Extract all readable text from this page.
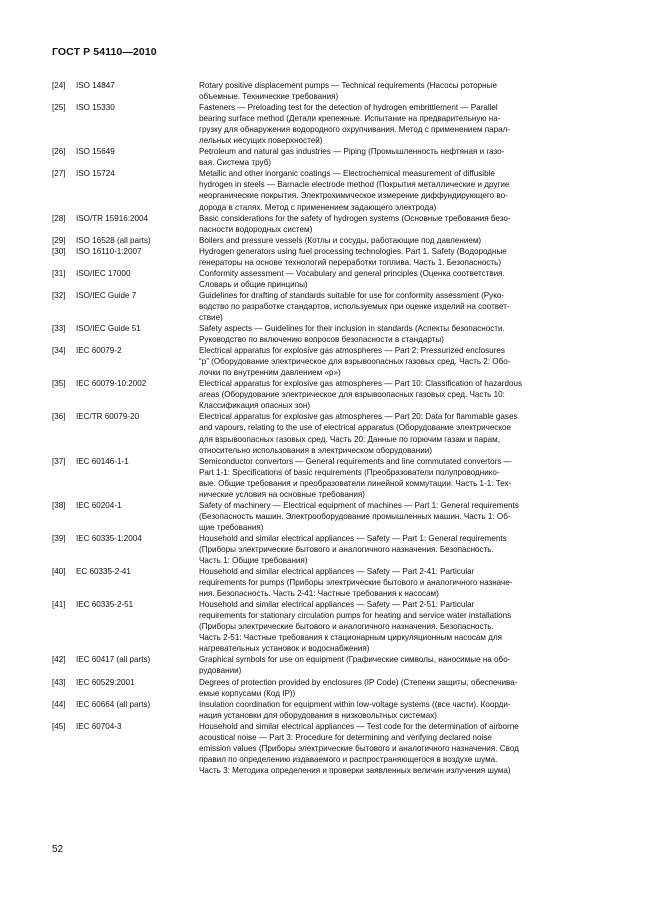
ГОСТ Р 54110—2010
[24]	ISO 14847	Rotary positive displacement pumps — Technical requirements (Насосы роторные
объемные. Технические требования)
[25]	ISO 15330	Fasteners — Preloading test for the detection of hydrogen embrittlement — Parallel
bearing surface method (Детали крепежные. Испытание на предварительную на-
грузку для обнаружения водородного охрупчивания. Метод с применением парал-
лельных несущих поверхностей)
[26]	ISO 15649	Petroleum and natural gas industries — Piping (Промышленность нефтяная и газо-
вая. Система труб)
[27]	ISO 15724	Metallic and other inorganic coatings — Electrochemical measurement of diffusible
hydrogen in steels — Barnacle electrode method (Покрытия металлические и другие
неорганические покрытия. Электрохимическое измерение диффундирующего во-
дорода в сталях. Метод с применением задающего электрода)
[28]	ISO/TR 15916:2004	Basic considerations for the safety of hydrogen systems (Основные требования безо-
пасности водородных систем)
[29]	ISO 16528 (all parts)	Boilers and pressure vessels (Котлы и сосуды, работающие под давлением)
[30]	ISO 16110-1:2007	Hydrogen generators using fuel processing technologies. Part 1. Safety (Водородные
генераторы на основе технологий переработки топлива. Часть 1. Безопасность)
[31]	ISO/IEC 17000	Conformity assessment — Vocabulary and general principles (Оценка соответствия.
Словарь и общие принципы)
[32]	ISO/IEC Guide 7	Guidelines for drafting of standards suitable for use for conformity assessment (Руко-
водство по разработке стандартов, используемых при оценке изделий на соответ-
ствие)
[33]	ISO/IEC Guide 51	Safety aspects — Guidelines for their inclusion in standards (Аспекты безопасности.
Руководство по включению вопросов безопасности в стандарты)
[34]	IEC 60079-2	Electrical apparatus for explosive gas atmospheres — Part 2: Pressurized enclosures
“p” (Оборудование электрическое для взрывоопасных газовых сред. Часть 2: Обо-
лочки по внутренним давлением «р»)
[35]	IEC 60079-10:2002	Electrical apparatus for explosive gas atmospheres — Part 10: Classification of hazardous
areas (Оборудование электрическое для взрывоопасных газовых сред. Часть 10:
Классификация опасных зон)
[36]	IEC/TR 60079-20	Electrical apparatus for explosive gas atmospheres — Part 20: Data for flammable gases
and vapours, relating to the use of electrical apparatus (Оборудование электрическое
для взрывоопасных газовых сред. Часть 20: Данные по горючим газам и парам,
относительно использования в электрическом оборудовании)
[37]	IEC 60146-1-1	Semiconductor convertors — General requirements and line commutated convertors —
Part 1-1: Specifications of basic requirements (Преобразователи полупроводнико-
вые. Общие требования и преобразователи линейной коммутации. Часть 1-1: Тех-
нические условия на основные требования)
[38]	IEC 60204-1	Safety of machinery — Electrical equipment of machines — Part 1: General requirements
(Безопасность машин. Электрооборудование промышленных машин. Часть 1: Об-
щие требования)
[39]	IEC 60335-1:2004	Household and similar electrical appliances — Safety — Part 1: General requirements
(Приборы электрические бытового и аналогичного назначения. Безопасность.
Часть 1: Общие требования)
[40]	EC 60335-2-41	Household and similar electrical appliances — Safety — Part 2-41: Particular
requirements for pumps (Приборы электрические бытового и аналогичного назначе-
ния. Безопасность. Часть 2-41: Частные требования к насосам)
[41]	IEC 60335-2-51	Household and similar electrical appliances — Safety — Part 2-51: Particular
requirements for stationary circulation pumps for heating and service water installations
(Приборы электрические бытового и аналогичного назначения. Безопасность.
Часть 2-51: Частные требования к стационарным циркуляционным насосам для
нагревательных установок и водоснабжения)
[42]	IEC 60417 (all parts)	Graphical symbols for use on equipment (Графические символы, наносимые на обо-
рудовании)
[43]	IEC 60529:2001	Degrees of protection provided by enclosures (IP Code) (Степени защиты, обеспечива-
емые корпусами (Код IP))
[44]	IEC 60664 (all parts)	Insulation coordination for equipment within low-voltage systems ((все части). Коорди-
нация установки для оборудования в низковольтных системах)
[45]	IEC 60704-3	Household and similar electrical appliances — Test code for the determination of airborne
acoustical noise — Part 3: Procedure for determining and verifying declared noise
emission values (Приборы электрические бытового и аналогичного назначения. Свод
правил по определению издаваемого и распространяющегося в воздухе шума.
Часть 3: Методика определения и проверки заявленных величин излучения шума)
52
